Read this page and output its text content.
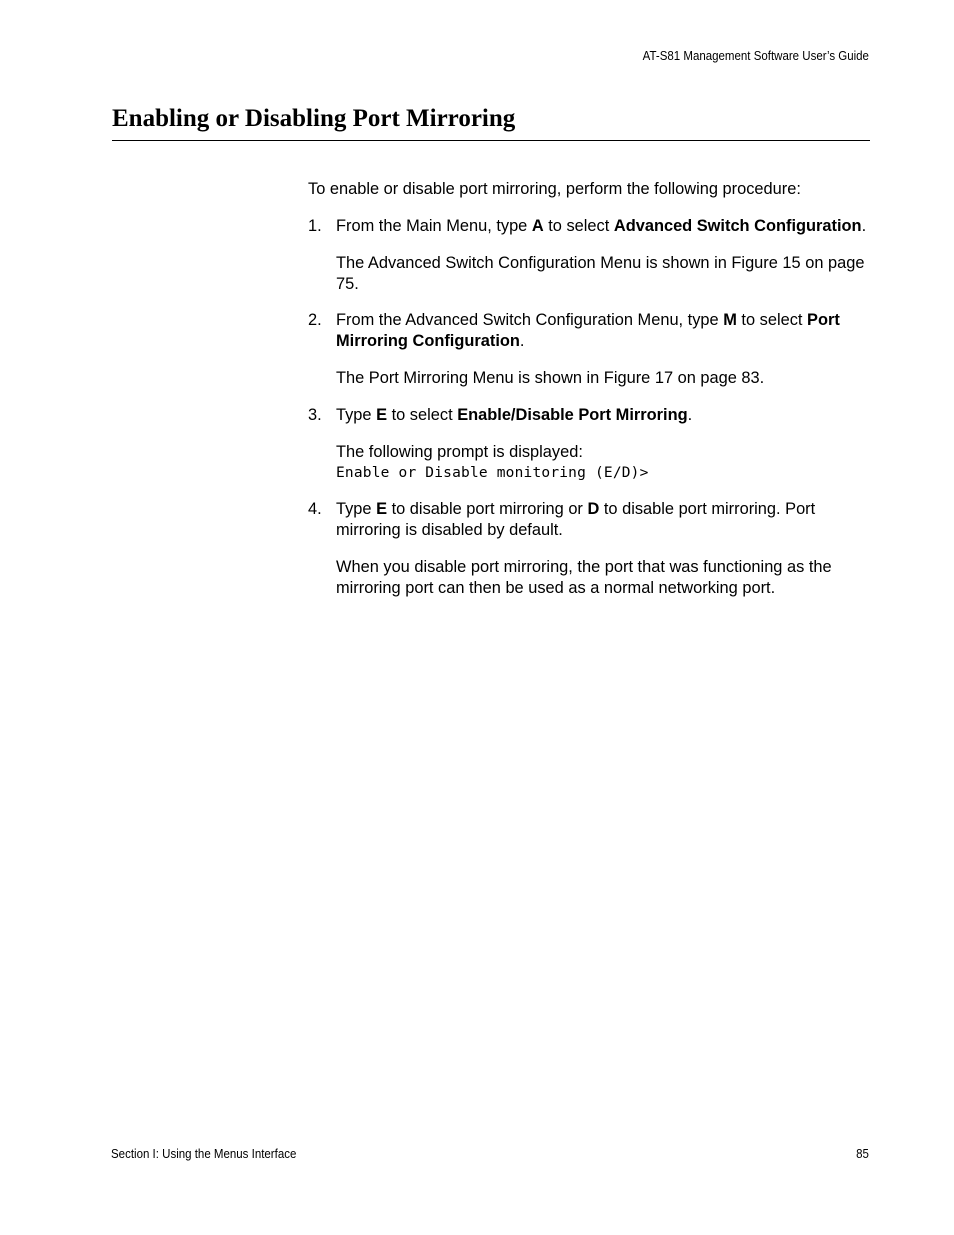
AT-S81 Management Software User’s Guide
Enabling or Disabling Port Mirroring

To enable or disable port mirroring, perform the following procedure:

1. From the Main Menu, type A to select Advanced Switch Configuration.

The Advanced Switch Configuration Menu is shown in Figure 15 on page 75.

2. From the Advanced Switch Configuration Menu, type M to select Port Mirroring Configuration.

The Port Mirroring Menu is shown in Figure 17 on page 83.

3. Type E to select Enable/Disable Port Mirroring.

The following prompt is displayed:

Enable or Disable monitoring (E/D)>

4. Type E to disable port mirroring or D to disable port mirroring. Port mirroring is disabled by default.

When you disable port mirroring, the port that was functioning as the mirroring port can then be used as a normal networking port.

Section I: Using the Menus Interface	85
